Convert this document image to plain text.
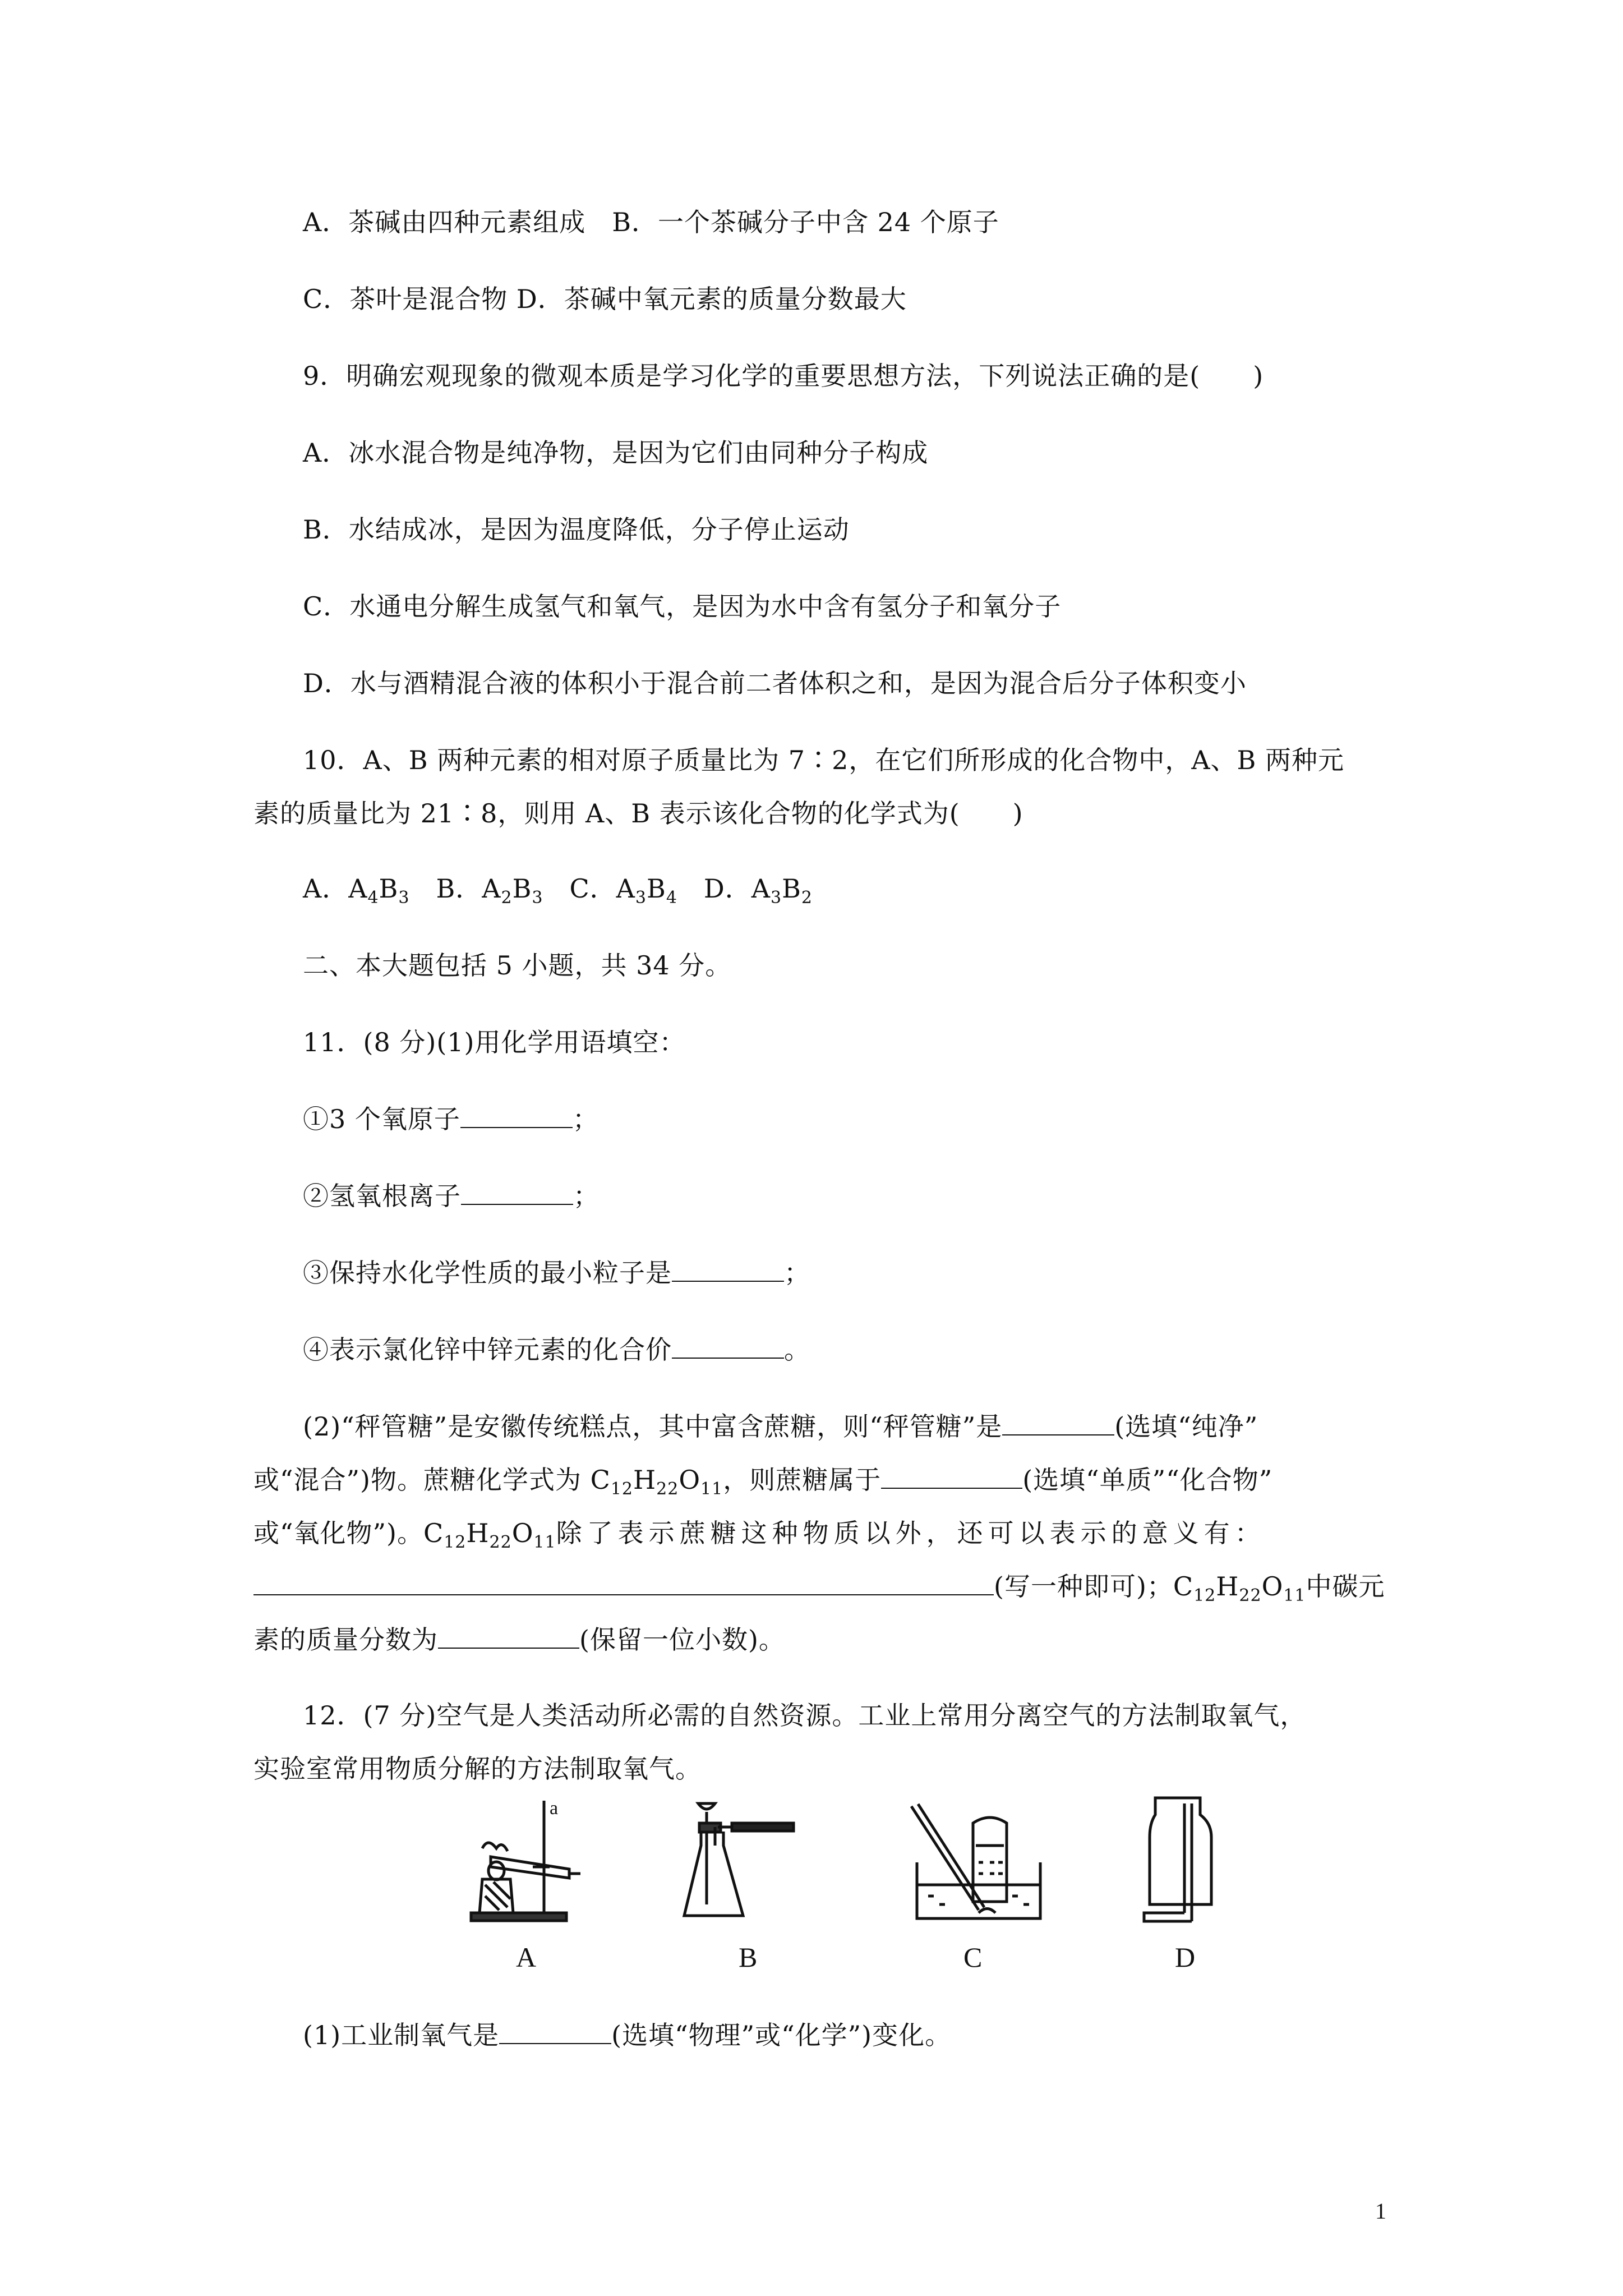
A．茶碱由四种元素组成　B．一个茶碱分子中含 24 个原子
C．茶叶是混合物 D．茶碱中氧元素的质量分数最大
9．明确宏观现象的微观本质是学习化学的重要思想方法，下列说法正确的是(　　)
A．冰水混合物是纯净物，是因为它们由同种分子构成
B．水结成冰，是因为温度降低，分子停止运动
C．水通电分解生成氢气和氧气，是因为水中含有氢分子和氧分子
D．水与酒精混合液的体积小于混合前二者体积之和，是因为混合后分子体积变小
10．A、B 两种元素的相对原子质量比为 7∶2，在它们所形成的化合物中，A、B 两种元
素的质量比为 21∶8，则用 A、B 表示该化合物的化学式为(　　)
A．$A_4B_3$　B．$A_2B_3$　C．$A_3B_4$　D．$A_3B_2$
二、本大题包括 5 小题，共 34 分。
11．(8 分)(1)用化学用语填空：
①3 个氧原子	；
②氢氧根离子	；
③保持水化学性质的最小粒子是	；
④表示氯化锌中锌元素的化合价	。
(2)“秤管糖”是安徽传统糕点，其中富含蔗糖，则“秤管糖”是	(选填“纯净”
或“混合”)物。蔗糖化学式为 $C_{12}H_{22}O_{11}$，则蔗糖属于	(选填“单质”“化合物”
或“氧化物”)。$C_{12}H_{22}O_{11}$除了表示蔗糖这种物质以外，还可以表示的意义有：
(写一种即可)；$C_{12}H_{22}O_{11}$中碳元
素的质量分数为	(保留一位小数)。
12．(7 分)空气是人类活动所必需的自然资源。工业上常用分离空气的方法制取氧气，
实验室常用物质分解的方法制取氧气。
a
A	B	C	D
(1)工业制氧气是	(选填“物理”或“化学”)变化。
1
